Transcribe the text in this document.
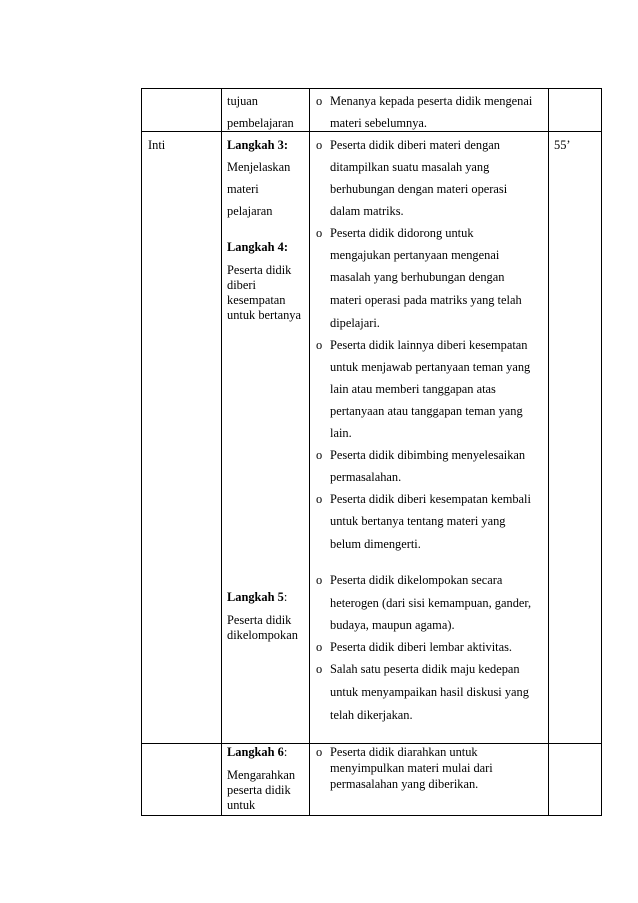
tujuan
pembelajaran
o Menanya kepada peserta didik mengenai
materi sebelumnya.
Inti	55’
Langkah 3:
Menjelaskan
materi
pelajaran
Langkah 4:
Peserta didik
diberi
kesempatan
untuk bertanya
Langkah 5:
Peserta didik
dikelompokan
o Peserta didik diberi materi dengan
ditampilkan suatu masalah yang
berhubungan dengan materi operasi
dalam matriks.
o Peserta didik didorong untuk
mengajukan pertanyaan mengenai
masalah yang berhubungan dengan
materi operasi pada matriks yang telah
dipelajari.
o Peserta didik lainnya diberi kesempatan
untuk menjawab pertanyaan teman yang
lain atau memberi tanggapan atas
pertanyaan atau tanggapan teman yang
lain.
o Peserta didik dibimbing menyelesaikan
permasalahan.
o Peserta didik diberi kesempatan kembali
untuk bertanya tentang materi yang
belum dimengerti.
o Peserta didik dikelompokan secara
heterogen (dari sisi kemampuan, gander,
budaya, maupun agama).
o Peserta didik diberi lembar aktivitas.
o Salah satu peserta didik maju kedepan
untuk menyampaikan hasil diskusi yang
telah dikerjakan.
Langkah 6:
Mengarahkan
peserta didik
untuk
o Peserta didik diarahkan untuk
menyimpulkan materi mulai dari
permasalahan yang diberikan.
